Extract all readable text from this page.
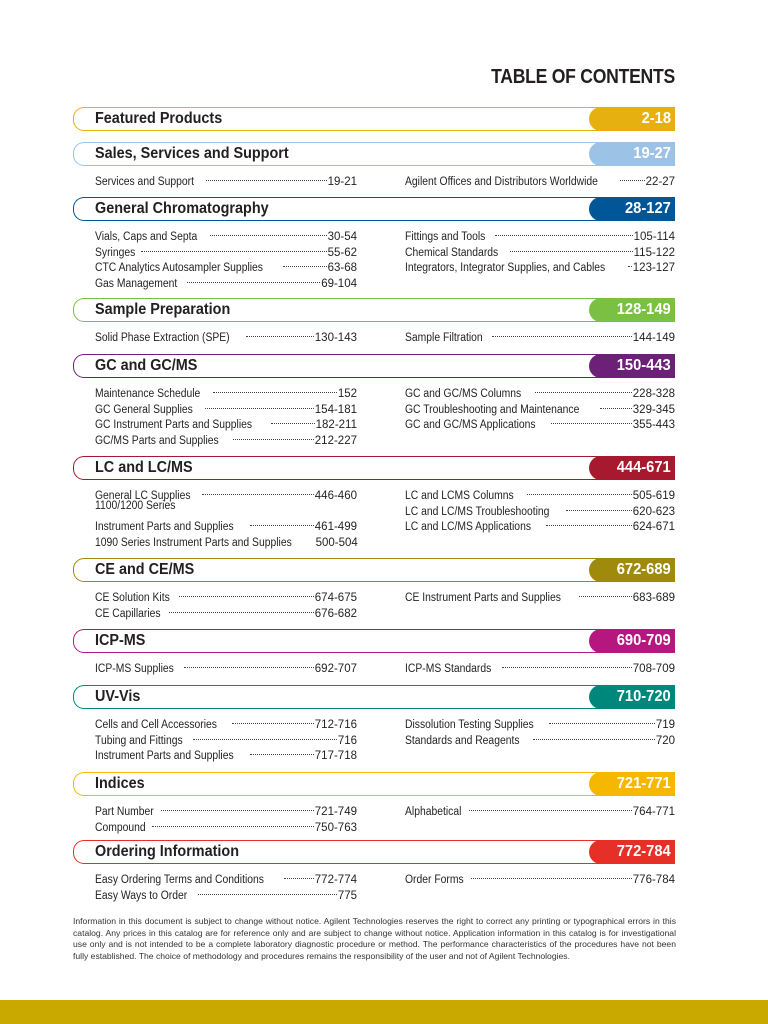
TABLE OF CONTENTS
Featured Products	2-18
Sales, Services and Support	19-27
Services and Support	19-21	Agilent Offices and Distributors Worldwide	22-27
General Chromatography	28-127
Vials, Caps and Septa	30-54
Syringes	55-62
CTC Analytics Autosampler Supplies	63-68
Gas Management	69-104
Fittings and Tools	105-114
Chemical Standards	115-122
Integrators, Integrator Supplies, and Cables 123-127
Sample Preparation	128-149
Solid Phase Extraction (SPE)	130-143	Sample Filtration	144-149
GC and GC/MS	150-443
Maintenance Schedule	152
GC General Supplies	154-181
GC Instrument Parts and Supplies	182-211
GC/MS Parts and Supplies	212-227
GC and GC/MS Columns	228-328
GC Troubleshooting and Maintenance	329-345
GC and GC/MS Applications	355-443
LC and LC/MS	444-671
General LC Supplies	446-460
1100/1200 Series
Instrument Parts and Supplies	461-499
1090 Series Instrument Parts and Supplies 500-504
LC and LCMS Columns	505-619
LC and LC/MS Troubleshooting	620-623
LC and LC/MS Applications	624-671
CE and CE/MS	672-689
CE Solution Kits	674-675
CE Capillaries	676-682
CE Instrument Parts and Supplies	683-689
ICP-MS	690-709
ICP-MS Supplies	692-707	ICP-MS Standards	708-709
UV-Vis	710-720
Cells and Cell Accessories	712-716
Tubing and Fittings	716
Instrument Parts and Supplies	717-718
Dissolution Testing Supplies	719
Standards and Reagents	720
Indices	721-771
Part Number	721-749
Compound	750-763
Alphabetical	764-771
Ordering Information	772-784
Easy Ordering Terms and Conditions	772-774
Easy Ways to Order	775
Order Forms	776-784
Information in this document is subject to change without notice. Agilent Technologies reserves the right to correct any printing or typographical errors in this catalog. Any prices in this catalog are for reference only and are subject to change without notice. Application information in this catalog is for investigational use only and is not intended to be a complete laboratory diagnostic procedure or method. The performance characteristics of the procedures have not been fully established. The choice of methodology and procedures remains the responsibility of the user and not of Agilent Technologies.
